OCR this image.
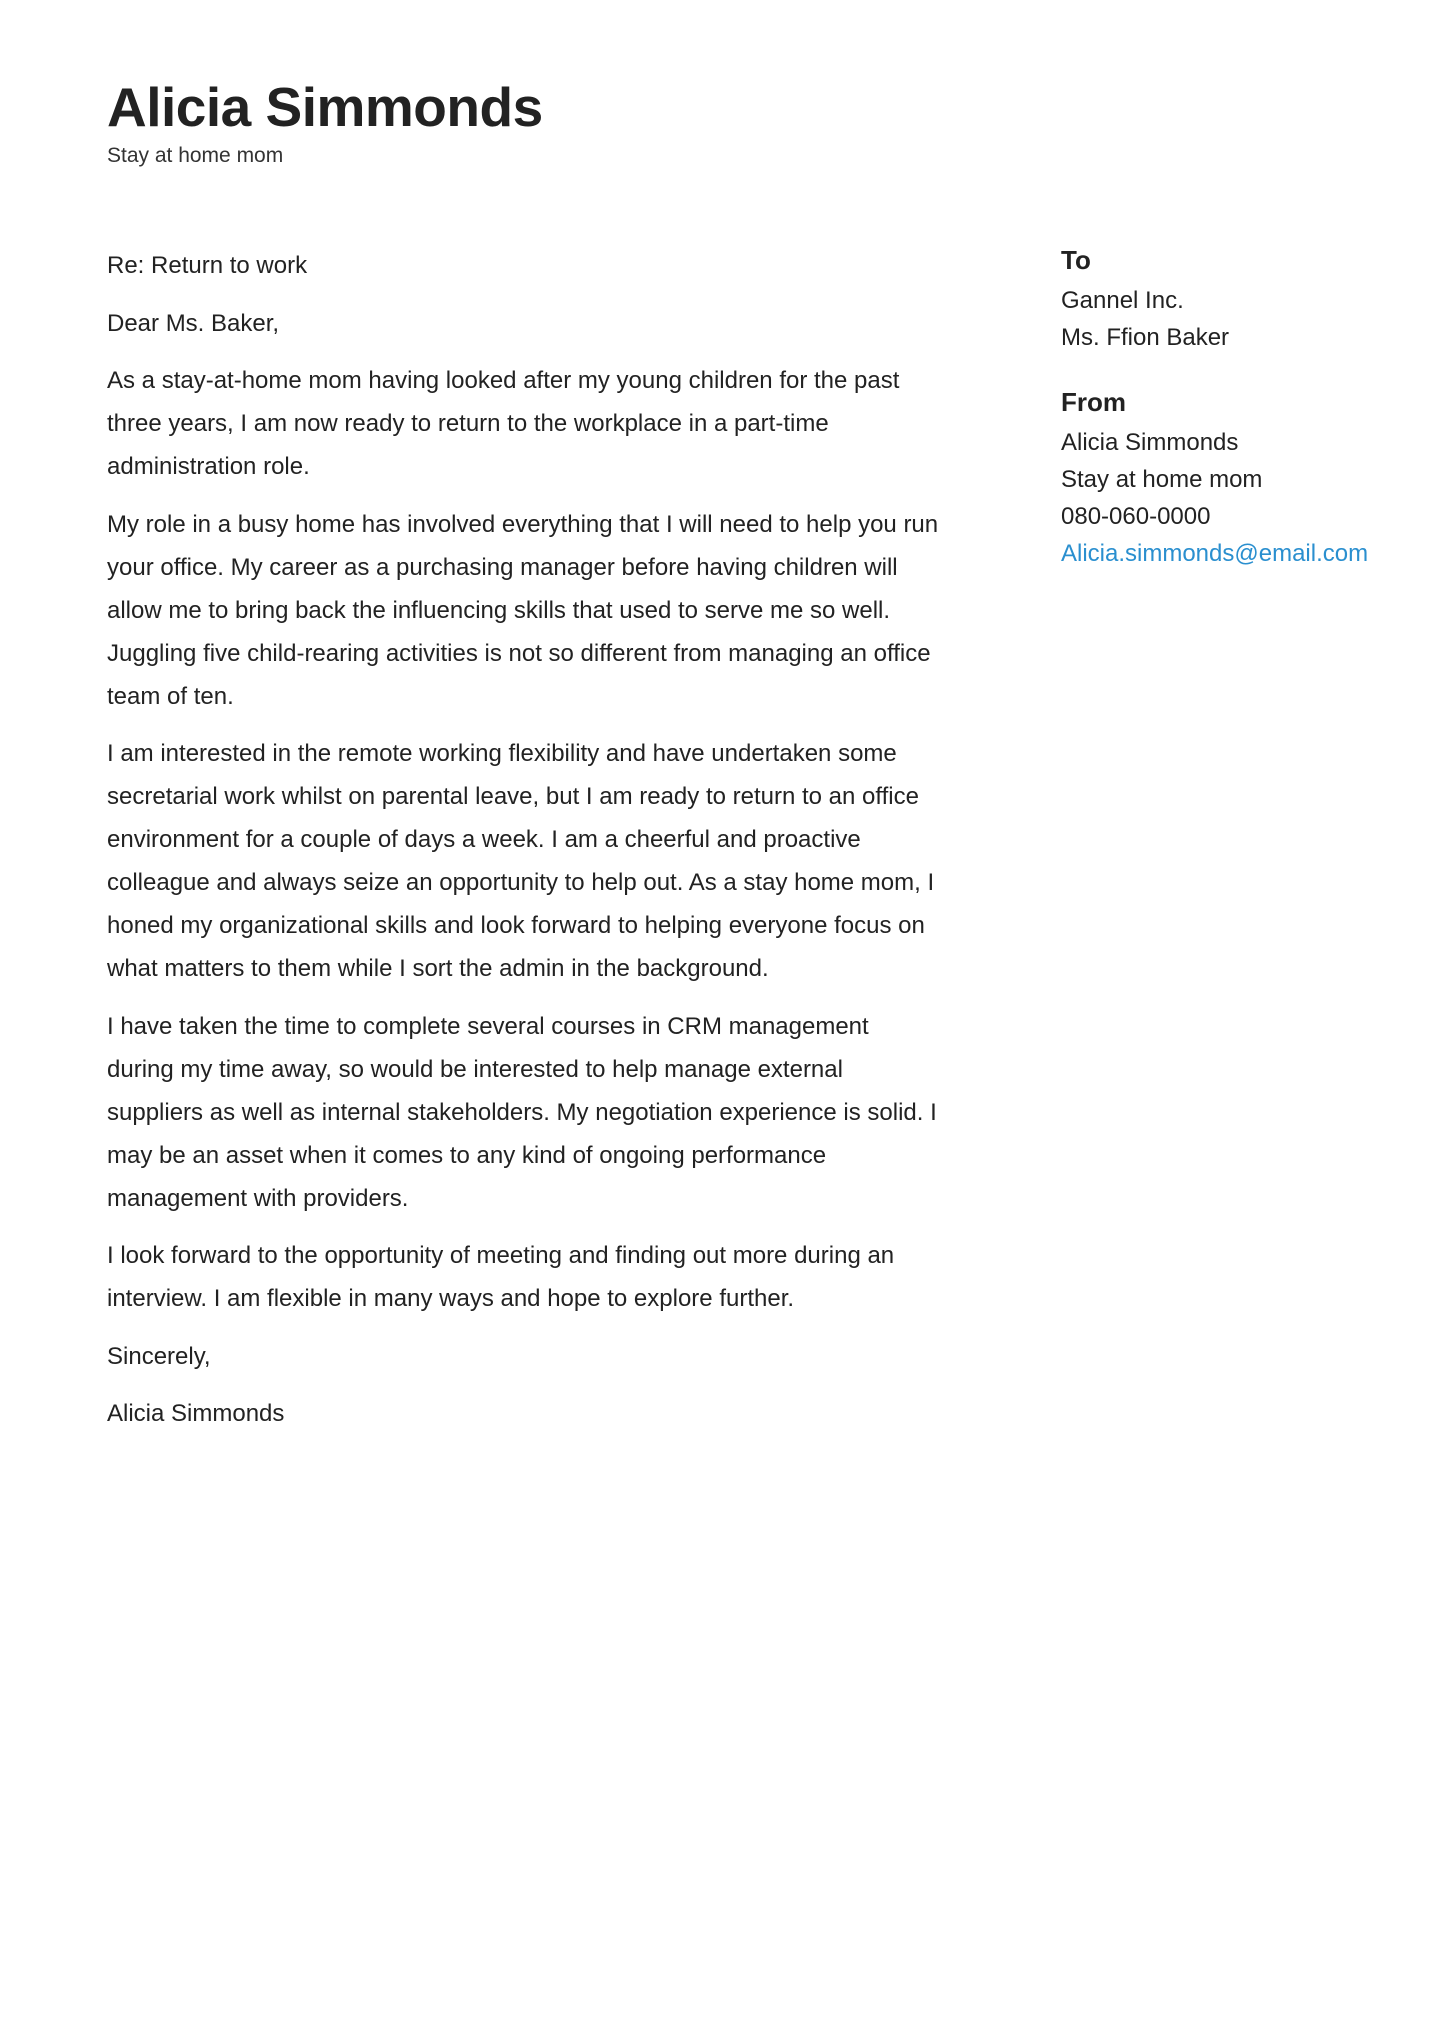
Alicia Simmonds
Stay at home mom

Re: Return to work

Dear Ms. Baker,

As a stay-at-home mom having looked after my young children for the past three years, I am now ready to return to the workplace in a part-time administration role.

My role in a busy home has involved everything that I will need to help you run your office. My career as a purchasing manager before having children will allow me to bring back the influencing skills that used to serve me so well. Juggling five child-rearing activities is not so different from managing an office team of ten.

I am interested in the remote working flexibility and have undertaken some secretarial work whilst on parental leave, but I am ready to return to an office environment for a couple of days a week. I am a cheerful and proactive colleague and always seize an opportunity to help out. As a stay home mom, I honed my organizational skills and look forward to helping everyone focus on what matters to them while I sort the admin in the background.

I have taken the time to complete several courses in CRM management during my time away, so would be interested to help manage external suppliers as well as internal stakeholders. My negotiation experience is solid. I may be an asset when it comes to any kind of ongoing performance management with providers.

I look forward to the opportunity of meeting and finding out more during an interview. I am flexible in many ways and hope to explore further.

Sincerely,

Alicia Simmonds

To
Gannel Inc.
Ms. Ffion Baker
From
Alicia Simmonds
Stay at home mom
080-060-0000
Alicia.simmonds@email.com
